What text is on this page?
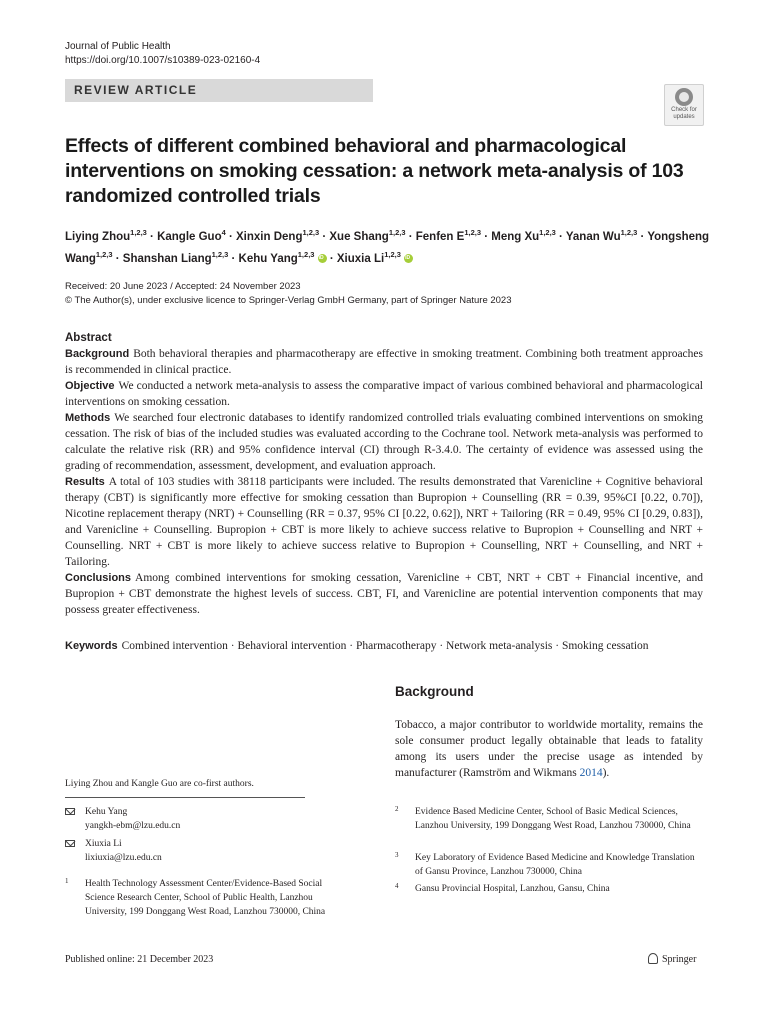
Journal of Public Health
https://doi.org/10.1007/s10389-023-02160-4
REVIEW ARTICLE
Check for
updates
Effects of different combined behavioral and pharmacological interventions on smoking cessation: a network meta-analysis of 103 randomized controlled trials
Liying Zhou$^{1,2,3}$ · Kangle Guo$^4$ · Xinxin Deng$^{1,2,3}$ · Xue Shang$^{1,2,3}$ · Fenfen E$^{1,2,3}$ · Meng Xu$^{1,2,3}$ · Yanan Wu$^{1,2,3}$ · Yongsheng Wang$^{1,2,3}$ · Shanshan Liang$^{1,2,3}$ · Kehu Yang$^{1,2,3}$ iD · Xiuxia Li$^{1,2,3}$ iD
Received: 20 June 2023 / Accepted: 24 November 2023
© The Author(s), under exclusive licence to Springer-Verlag GmbH Germany, part of Springer Nature 2023
Abstract

Background Both behavioral therapies and pharmacotherapy are effective in smoking treatment. Combining both treatment approaches is recommended in clinical practice.

Objective We conducted a network meta-analysis to assess the comparative impact of various combined behavioral and pharmacological interventions on smoking cessation.

Methods We searched four electronic databases to identify randomized controlled trials evaluating combined interventions on smoking cessation. The risk of bias of the included studies was evaluated according to the Cochrane tool. Network meta-analysis was performed to calculate the relative risk (RR) and 95% confidence interval (CI) through R-3.4.0. The certainty of evidence was assessed using the grading of recommendation, assessment, development, and evaluation approach.

Results A total of 103 studies with 38118 participants were included. The results demonstrated that Varenicline + Cognitive behavioral therapy (CBT) is significantly more effective for smoking cessation than Bupropion + Counselling (RR = 0.39, 95%CI [0.22, 0.70]), Nicotine replacement therapy (NRT) + Counselling (RR = 0.37, 95% CI [0.22, 0.62]), NRT + Tailoring (RR = 0.49, 95% CI [0.29, 0.83]), and Varenicline + Counselling. Bupropion + CBT is more likely to achieve success relative to Bupropion + Counselling and NRT + Counselling. NRT + CBT is more likely to achieve success relative to Bupropion + Counselling, NRT + Counselling, and NRT + Tailoring.

Conclusions Among combined interventions for smoking cessation, Varenicline + CBT, NRT + CBT + Financial incentive, and Bupropion + CBT demonstrate the highest levels of success. CBT, FI, and Varenicline are potential intervention components that may possess greater effectiveness.

Keywords Combined intervention · Behavioral intervention · Pharmacotherapy · Network meta-analysis · Smoking cessation
Background
Tobacco, a major contributor to worldwide mortality, remains the sole consumer product legally obtainable that leads to fatality among its users under the precise usage as intended by manufacturer (Ramström and Wikmans 2014).
Liying Zhou and Kangle Guo are co-first authors.
Kehu Yang
yangkh-ebm@lzu.edu.cn
Xiuxia Li
lixiuxia@lzu.edu.cn
1 Health Technology Assessment Center/Evidence-Based Social Science Research Center, School of Public Health, Lanzhou University, 199 Donggang West Road, Lanzhou 730000, China
2 Evidence Based Medicine Center, School of Basic Medical Sciences, Lanzhou University, 199 Donggang West Road, Lanzhou 730000, China
3 Key Laboratory of Evidence Based Medicine and Knowledge Translation of Gansu Province, Lanzhou 730000, China
4 Gansu Provincial Hospital, Lanzhou, Gansu, China
Published online: 21 December 2023	Springer
